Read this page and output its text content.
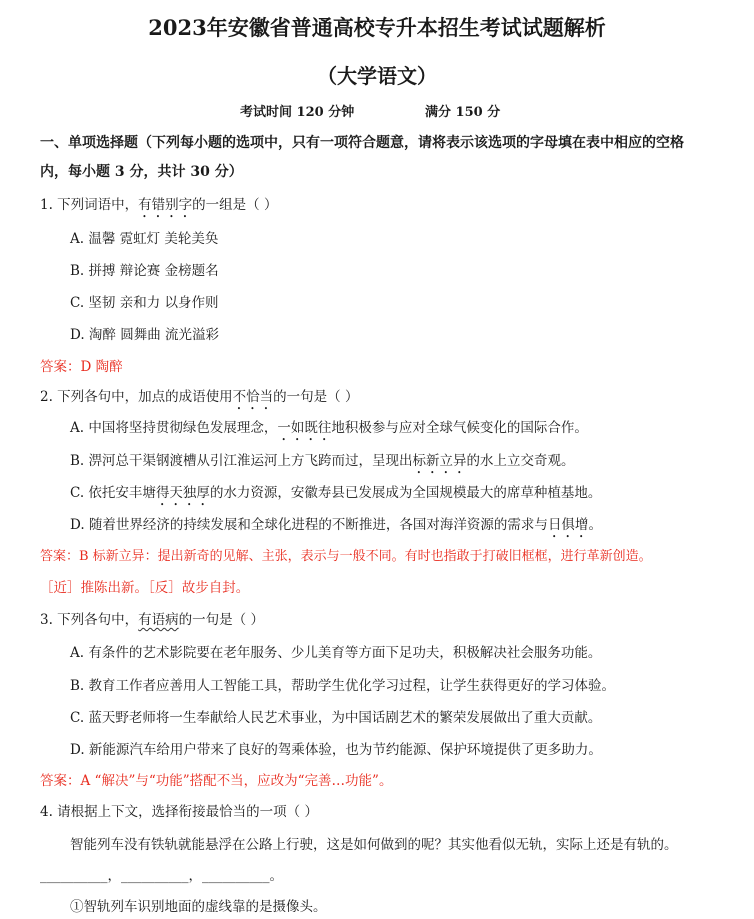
2023年安徽省普通高校专升本招生考试试题解析
（大学语文）
考试时间 120 分钟	满分 150 分
一、单项选择题（下列每小题的选项中，只有一项符合题意，请将表示该选项的字母填在表中相应的空格
内，每小题 3 分，共计 30 分）
1. 下列词语中，有错别字的一组是（ ）
A. 温馨 霓虹灯 美轮美奂
B. 拼搏 辩论赛 金榜题名
C. 坚韧 亲和力 以身作则
D. 淘醉 圆舞曲 流光溢彩
答案：D 陶醉
2. 下列各句中，加点的成语使用不恰当的一句是（ ）
A. 中国将坚持贯彻绿色发展理念，一如既往地积极参与应对全球气候变化的国际合作。
B. 淠河总干渠钢渡槽从引江淮运河上方飞跨而过，呈现出标新立异的水上立交奇观。
C. 依托安丰塘得天独厚的水力资源，安徽寿县已发展成为全国规模最大的席草种植基地。
D. 随着世界经济的持续发展和全球化进程的不断推进，各国对海洋资源的需求与日俱增。
答案：B 标新立异：提出新奇的见解、主张，表示与一般不同。有时也指敢于打破旧框框，进行革新创造。
［近］推陈出新。［反］故步自封。
3. 下列各句中，有语病的一句是（ ）
A. 有条件的艺术影院要在老年服务、少儿美育等方面下足功夫，积极解决社会服务功能。
B. 教育工作者应善用人工智能工具，帮助学生优化学习过程，让学生获得更好的学习体验。
C. 蓝天野老师将一生奉献给人民艺术事业，为中国话剧艺术的繁荣发展做出了重大贡献。
D. 新能源汽车给用户带来了良好的驾乘体验，也为节约能源、保护环境提供了更多助力。
答案：A “解决”与“功能”搭配不当，应改为“完善…功能”。
4. 请根据上下文，选择衔接最恰当的一项（ ）
智能列车没有铁轨就能悬浮在公路上行驶，这是如何做到的呢？其实他看似无轨，实际上还是有轨的。
__________，__________，__________。
①智轨列车识别地面的虚线靠的是摄像头。
